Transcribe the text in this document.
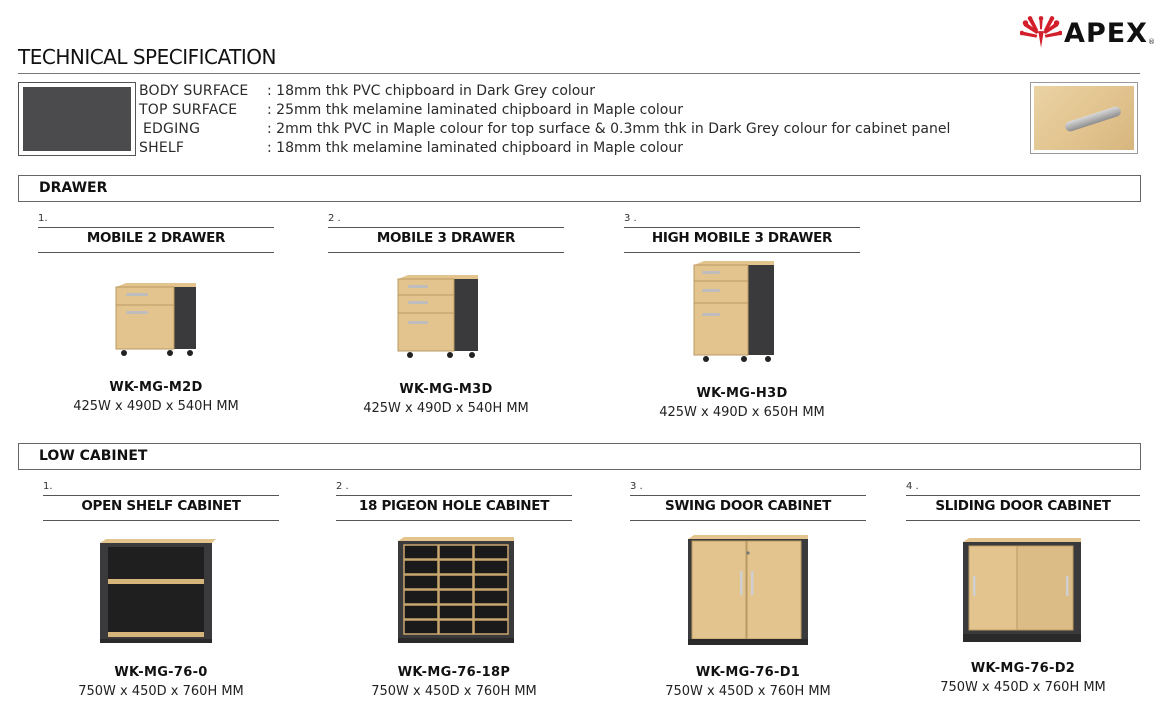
APEX ®
TECHNICAL SPECIFICATION
BODY SURFACE	: 18mm thk PVC chipboard in Dark Grey colour
TOP SURFACE	: 25mm thk melamine laminated chipboard in Maple colour
EDGING	: 2mm thk PVC in Maple colour for top surface & 0.3mm thk in Dark Grey colour for cabinet panel
SHELF	: 18mm thk melamine laminated chipboard in Maple colour
DRAWER
1.
MOBILE 2 DRAWER
WK-MG-M2D
425W x 490D x 540H MM
2 .
MOBILE 3 DRAWER
WK-MG-M3D
425W x 490D x 540H MM
3 .
HIGH MOBILE 3 DRAWER
WK-MG-H3D
425W x 490D x 650H MM
LOW CABINET
1.
OPEN SHELF CABINET
WK-MG-76-0
750W x 450D x 760H MM
2 .
18 PIGEON HOLE CABINET
WK-MG-76-18P
750W x 450D x 760H MM
3 .
SWING DOOR CABINET
WK-MG-76-D1
750W x 450D x 760H MM
4 .
SLIDING DOOR CABINET
WK-MG-76-D2
750W x 450D x 760H MM
